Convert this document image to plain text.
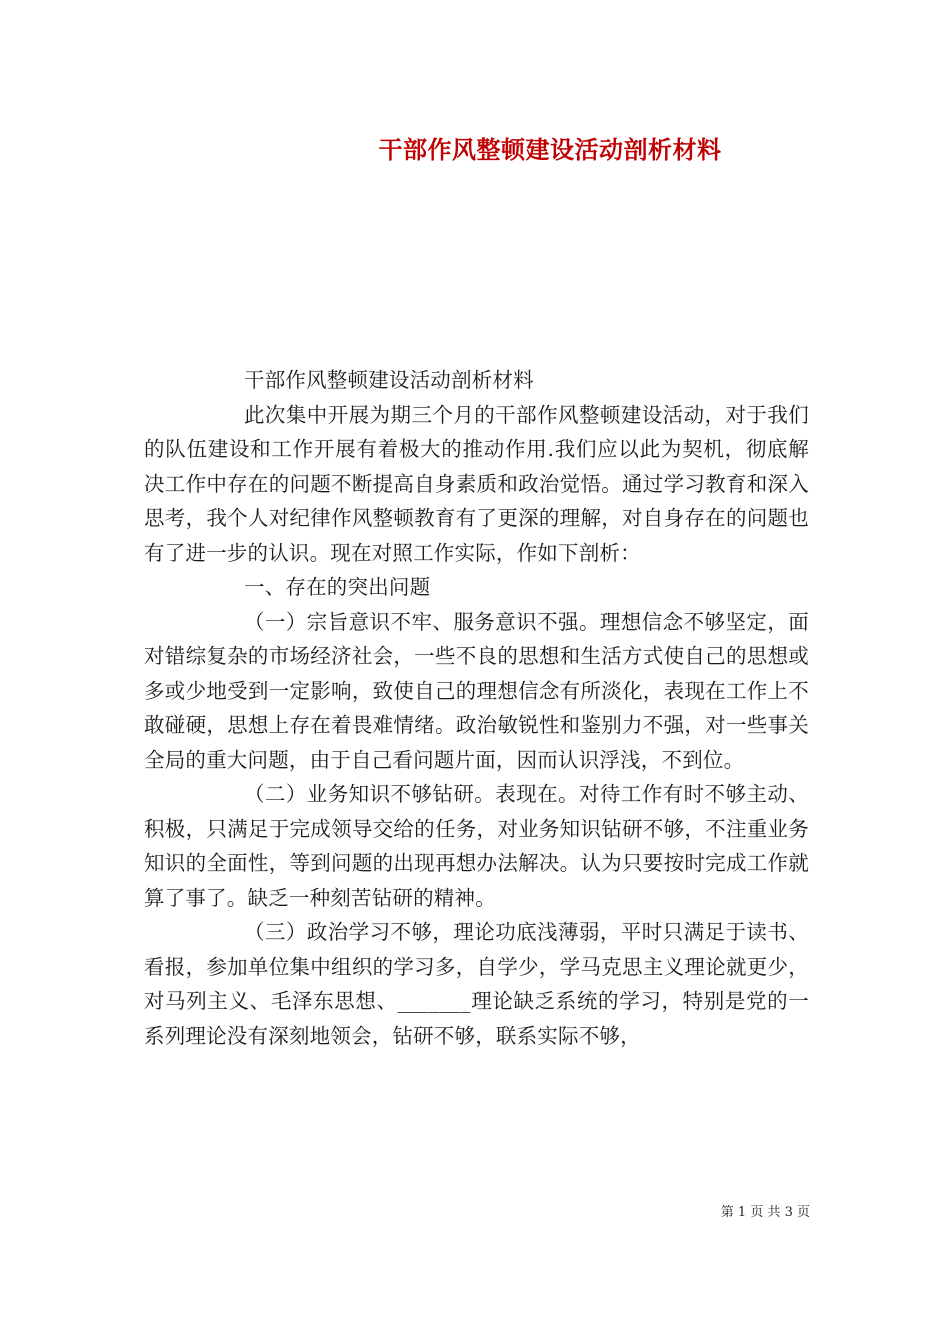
干部作风整顿建设活动剖析材料

干部作风整顿建设活动剖析材料

此次集中开展为期三个月的干部作风整顿建设活动，对于我们的队伍建设和工作开展有着极大的推动作用.我们应以此为契机，彻底解决工作中存在的问题不断提高自身素质和政治觉悟。通过学习教育和深入思考，我个人对纪律作风整顿教育有了更深的理解，对自身存在的问题也有了进一步的认识。现在对照工作实际，作如下剖析：

一、存在的突出问题

（一）宗旨意识不牢、服务意识不强。理想信念不够坚定，面对错综复杂的市场经济社会，一些不良的思想和生活方式使自己的思想或多或少地受到一定影响，致使自己的理想信念有所淡化，表现在工作上不敢碰硬，思想上存在着畏难情绪。政治敏锐性和鉴别力不强，对一些事关全局的重大问题，由于自己看问题片面，因而认识浮浅，不到位。

（二）业务知识不够钻研。表现在。对待工作有时不够主动、积极，只满足于完成领导交给的任务，对业务知识钻研不够，不注重业务知识的全面性，等到问题的出现再想办法解决。认为只要按时完成工作就算了事了。缺乏一种刻苦钻研的精神。

（三）政治学习不够，理论功底浅薄弱，平时只满足于读书、看报，参加单位集中组织的学习多，自学少，学马克思主义理论就更少，对马列主义、毛泽东思想、_______理论缺乏系统的学习，特别是党的一系列理论没有深刻地领会，钻研不够，联系实际不够，

第 1 页 共 3 页
